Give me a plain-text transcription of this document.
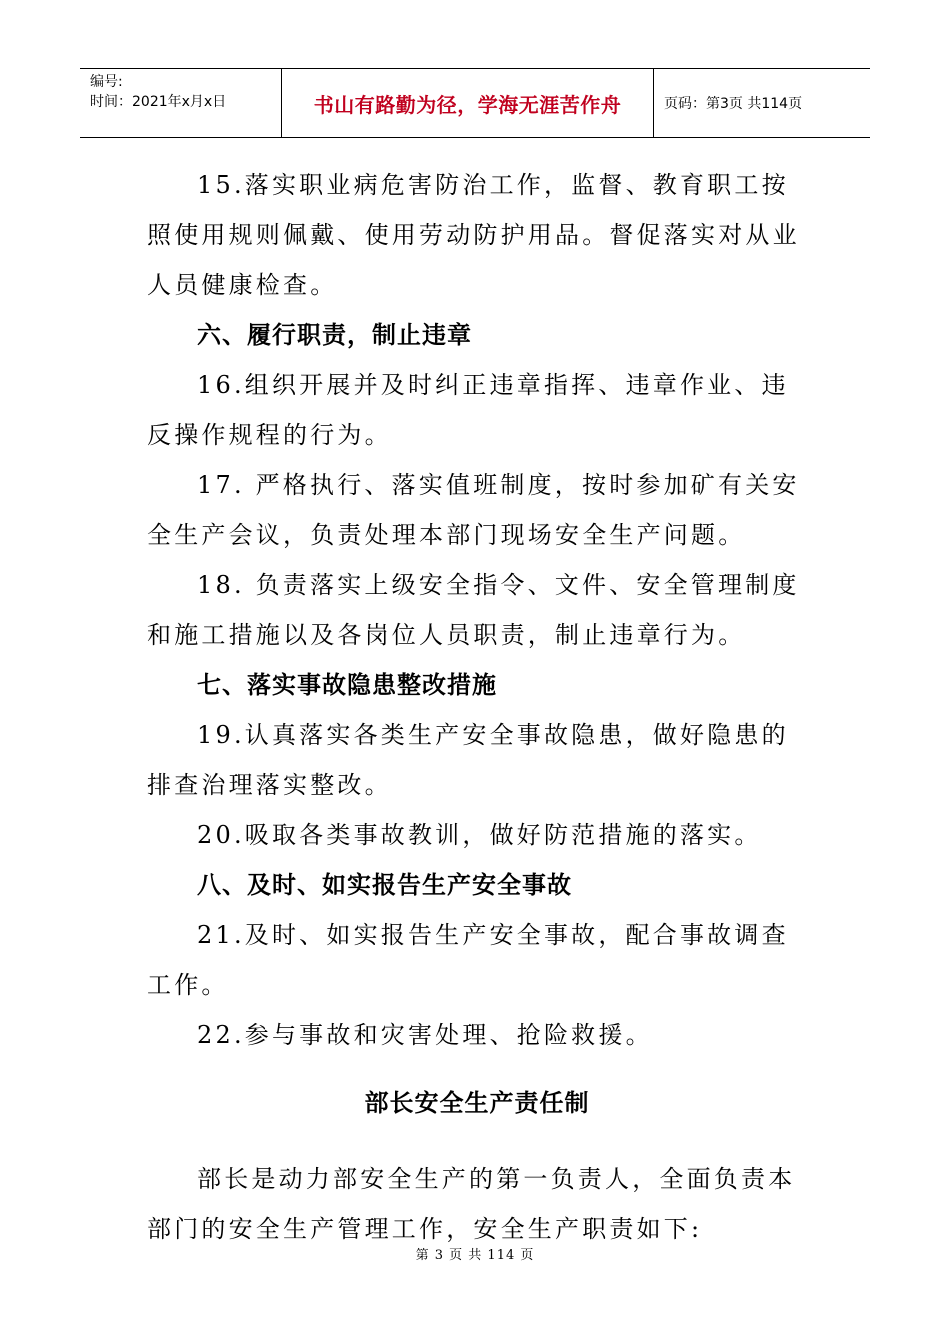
编号:
时间：2021年x月x日	书山有路勤为径，学海无涯苦作舟	页码：第3页 共114页

15.落实职业病危害防治工作，监督、教育职工按照使用规则佩戴、使用劳动防护用品。督促落实对从业人员健康检查。

六、履行职责，制止违章

16.组织开展并及时纠正违章指挥、违章作业、违反操作规程的行为。

17. 严格执行、落实值班制度，按时参加矿有关安全生产会议，负责处理本部门现场安全生产问题。

18. 负责落实上级安全指令、文件、安全管理制度和施工措施以及各岗位人员职责，制止违章行为。

七、落实事故隐患整改措施

19.认真落实各类生产安全事故隐患，做好隐患的排查治理落实整改。

20.吸取各类事故教训，做好防范措施的落实。

八、及时、如实报告生产安全事故

21.及时、如实报告生产安全事故，配合事故调查工作。

22.参与事故和灾害处理、抢险救援。

部长安全生产责任制

部长是动力部安全生产的第一负责人，全面负责本部门的安全生产管理工作，安全生产职责如下:

第 3 页 共 114 页
